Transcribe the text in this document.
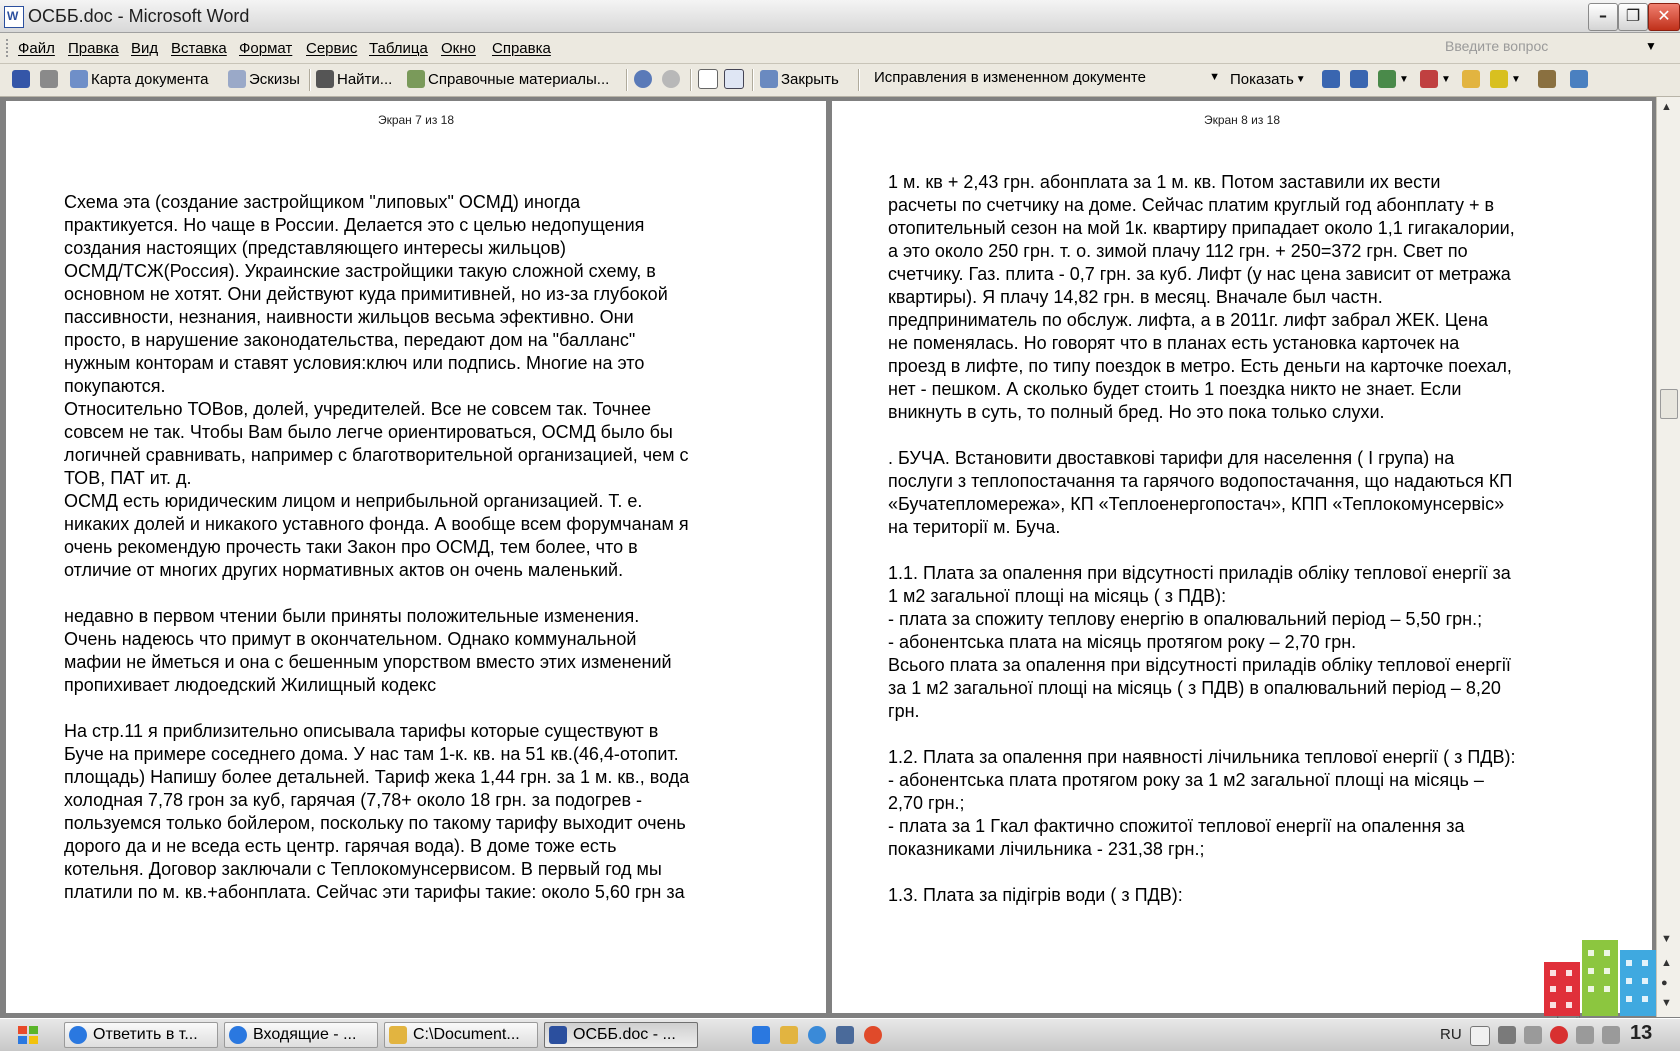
W
ОСББ.doc - Microsoft Word	–	❐	✕
Файл Правка Вид Вставка Формат Сервис Таблица Окно Справка	Введите вопрос	▼
Карта документа	Эскизы Найти... Справочные материалы...	Закрыть Исправления в измененном документе	▼ Показать ▼	▼	▼	▼
Экран 7 из 18
Схема эта (создание застройщиком "липовых" ОСМД) иногда
практикуется. Но чаще в России. Делается это с целью недопущения
создания настоящих (представляющего интересы жильцов)
ОСМД/ТСЖ(Россия). Украинские застройщики такую сложной схему, в
основном не хотят. Они действуют куда примитивней, но из-за глубокой
пассивности, незнания, наивности жильцов весьма эфективно. Они
просто, в нарушение законодательства, передают дом на "балланс"
нужным конторам и ставят условия:ключ или подпись. Многие на это
покупаются.
Относительно ТОВов, долей, учредителей. Все не совсем так. Точнее
совсем не так. Чтобы Вам было легче ориентироваться, ОСМД было бы
логичней сравнивать, например с благотворительной организацией, чем с
ТОВ, ПАТ ит. д.
ОСМД есть юридическим лицом и неприбыльной организацией. Т. е.
никаких долей и никакого уставного фонда. А вообще всем форумчанам я
очень рекомендую прочесть таки Закон про ОСМД, тем более, что в
отличие от многих других нормативных актов он очень маленький.

недавно в первом чтении были приняты положительные изменения.
Очень надеюсь что примут в окончательном. Однако коммунальной
мафии не йметься и она с бешенным упорством вместо этих изменений
пропихивает людоедский Жилищный кодекс

На стр.11 я приблизительно описывала тарифы которые существуют в
Буче на примере соседнего дома. У нас там 1-к. кв. на 51 кв.(46,4-отопит.
площадь) Напишу более детальней. Тариф жека 1,44 грн. за 1 м. кв., вода
холодная 7,78 грон за куб, гарячая (7,78+ около 18 грн. за подогрев -
пользуемся только бойлером, поскольку по такому тарифу выходит очень
дорого да и не вседа есть центр. гарячая вода). В доме тоже есть
котельня. Договор заключали с Теплокомунсервисом. В первый год мы
платили по м. кв.+абонплата. Сейчас эти тарифы такие: около 5,60 грн за
Экран 8 из 18
1 м. кв + 2,43 грн. абонплата за 1 м. кв. Потом заставили их вести
расчеты по счетчику на доме. Сейчас платим круглый год абонплату + в
отопительный сезон на мой 1к. квартиру припадает около 1,1 гигакалории,
а это около 250 грн. т. о. зимой плачу 112 грн. + 250=372 грн. Свет по
счетчику. Газ. плита - 0,7 грн. за куб. Лифт (у нас цена зависит от метража
квартиры). Я плачу 14,82 грн. в месяц. Вначале был частн.
предприниматель по обслуж. лифта, а в 2011г. лифт забрал ЖЕК. Цена
не поменялась. Но говорят что в планах есть установка карточек на
проезд в лифте, по типу поездок в метро. Есть деньги на карточке поехал,
нет - пешком. А сколько будет стоить 1 поездка никто не знает. Если
вникнуть в суть, то полный бред. Но это пока только слухи.

. БУЧА. Встановити двоставкові тарифи для населення ( І група) на
послуги з теплопостачання та гарячого водопостачання, що надаються КП
«Бучатепломережа», КП «Теплоенергопостач», КПП «Теплокомунсервіс»
на території м. Буча.

1.1. Плата за опалення при відсутності приладів обліку теплової енергії за
1 м2 загальної площі на місяць ( з ПДВ):
- плата за спожиту теплову енергію в опалювальний період – 5,50 грн.;
- абонентська плата на місяць протягом року – 2,70 грн.
Всього плата за опалення при відсутності приладів обліку теплової енергії
за 1 м2 загальної площі на місяць ( з ПДВ) в опалювальний період – 8,20
грн.

1.2. Плата за опалення при наявності лічильника теплової енергії ( з ПДВ):
- абонентська плата протягом року за 1 м2 загальної площі на місяць –
2,70 грн.;
- плата за 1 Гкал фактично спожитої теплової енергії на опалення за
показниками лічильника - 231,38 грн.;

1.3. Плата за підігрів води ( з ПДВ):
▲
▼
▲
●
▼
Ответить в т...	Входящие - ...	C:\Document...	ОСББ.doc - ...	RU	13
